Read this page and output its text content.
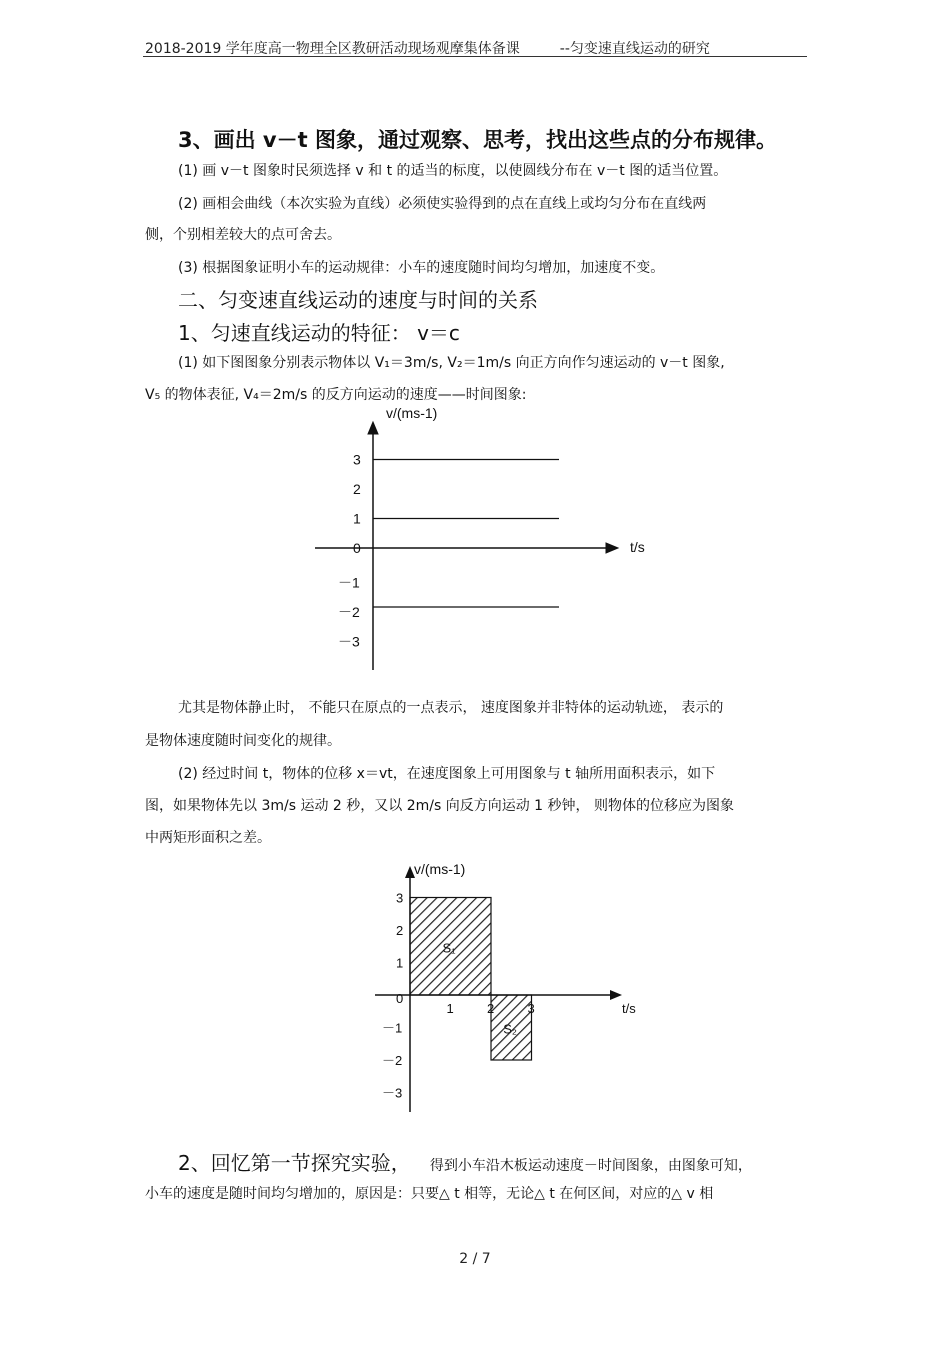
2018-2019 学年度高一物理全区教研活动现场观摩集体备课	--匀变速直线运动的研究
3、画出 v－t 图象，通过观察、思考，找出这些点的分布规律。
(1) 画 v－t 图象时民须选择 v 和 t 的适当的标度，以使圆线分布在 v－t 图的适当位置。
(2) 画相会曲线（本次实验为直线）必须使实验得到的点在直线上或均匀分布在直线两
侧，个别相差较大的点可舍去。
(3) 根据图象证明小车的运动规律：小车的速度随时间均匀增加，加速度不变。
二、匀变速直线运动的速度与时间的关系
1、匀速直线运动的特征： v＝c
(1) 如下图图象分别表示物体以 V₁＝3m/s, V₂＝1m/s 向正方向作匀速运动的 v－t 图象,
V₅ 的物体表征, V₄＝2m/s 的反方向运动的速度——时间图象:
v/(ms-1)
t/s
3
2
1
0
－1
－2
－3
尤其是物体静止时， 不能只在原点的一点表示， 速度图象并非特体的运动轨迹， 表示的
是物体速度随时间变化的规律。
(2) 经过时间 t，物体的位移 x＝vt，在速度图象上可用图象与 t 轴所用面积表示，如下
图，如果物体先以 3m/s 运动 2 秒，又以 2m/s 向反方向运动 1 秒钟， 则物体的位移应为图象
中两矩形面积之差。
S₁
S₂
v/(ms-1)
t/s
1	2	3
3
2
1
0
－1
－2
－3
2、回忆第一节探究实验， 得到小车沿木板运动速度－时间图象，由图象可知，
小车的速度是随时间均匀增加的，原因是：只要△ t 相等，无论△ t 在何区间，对应的△ v 相
2 / 7
